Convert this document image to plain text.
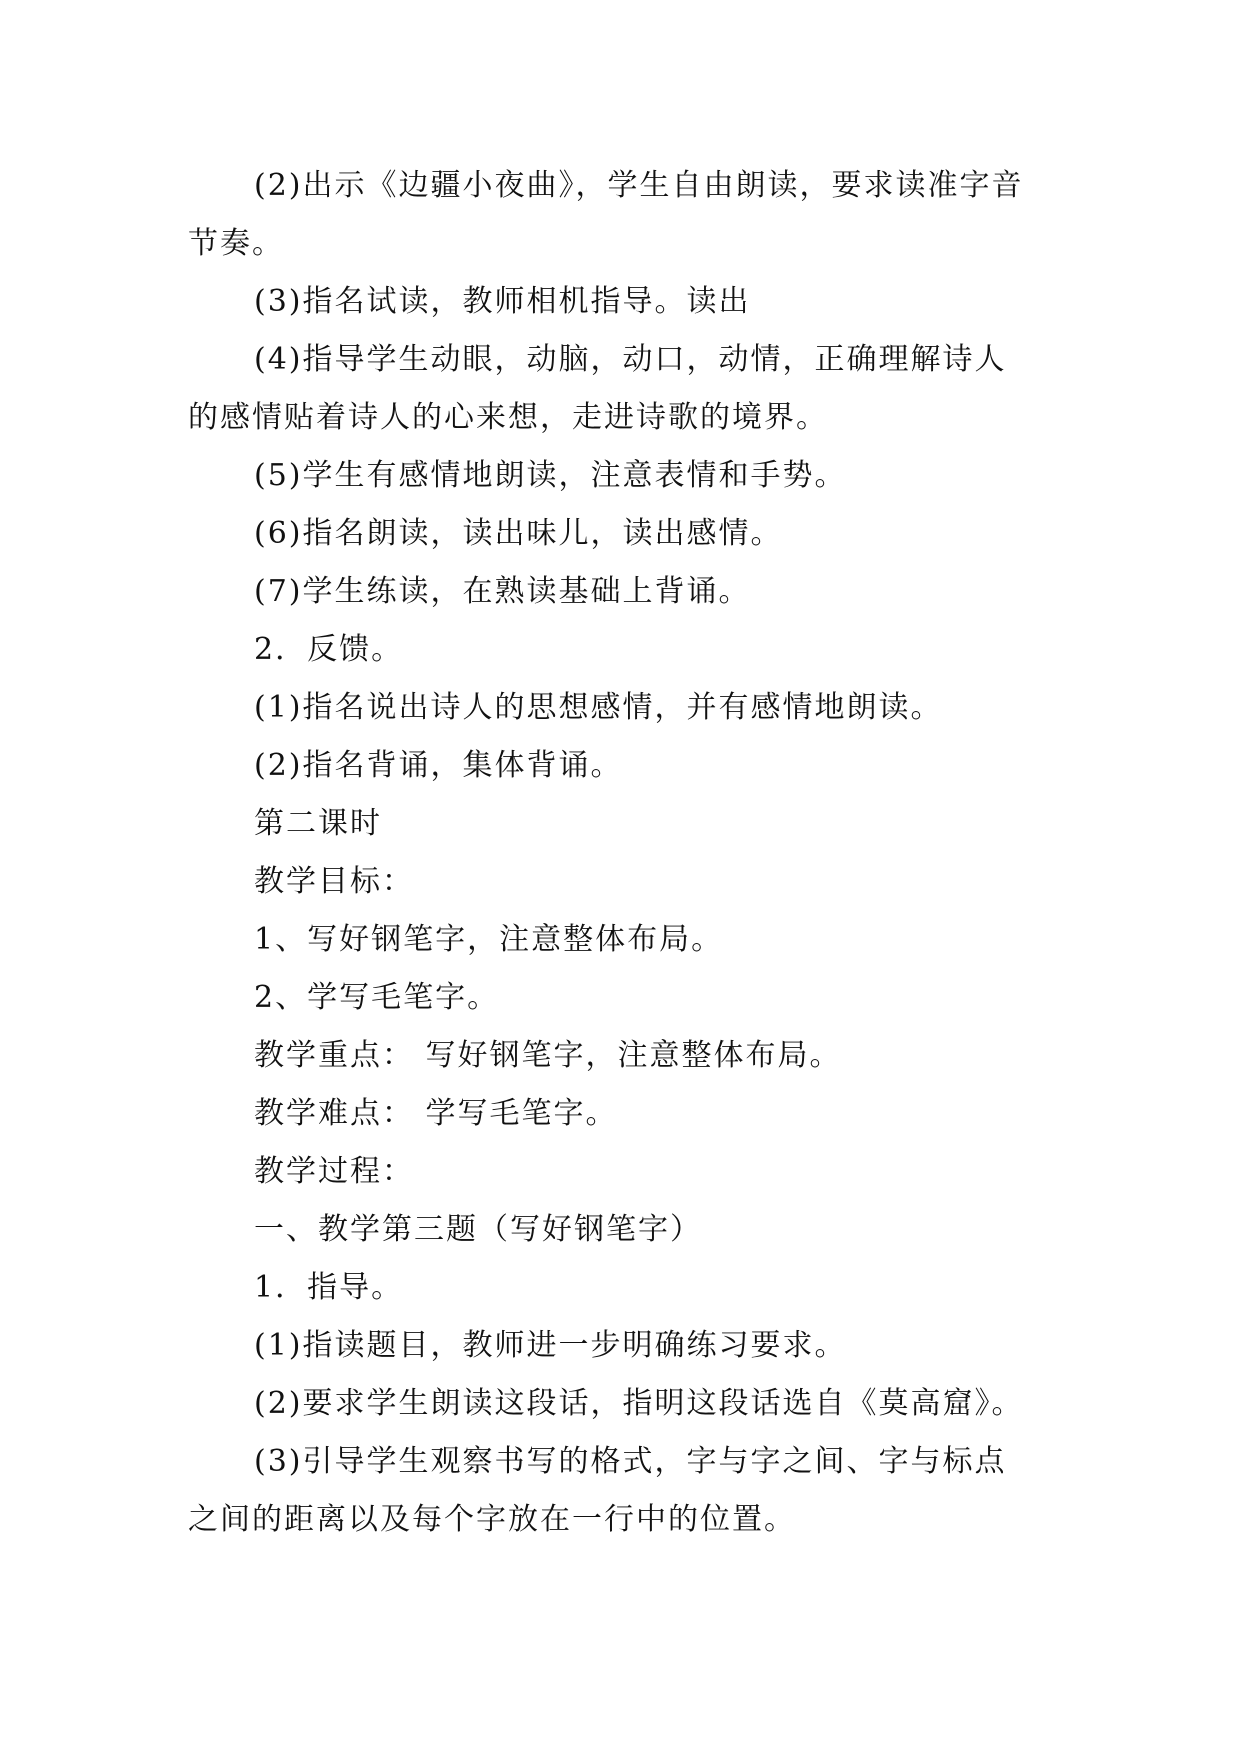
(2)出示《边疆小夜曲》，学生自由朗读，要求读准字音
节奏。
(3)指名试读，教师相机指导。读出
(4)指导学生动眼，动脑，动口，动情，正确理解诗人
的感情贴着诗人的心来想，走进诗歌的境界。
(5)学生有感情地朗读，注意表情和手势。
(6)指名朗读，读出味儿，读出感情。
(7)学生练读，在熟读基础上背诵。
2．反馈。
(1)指名说出诗人的思想感情，并有感情地朗读。
(2)指名背诵，集体背诵。
第二课时
教学目标：
1、写好钢笔字，注意整体布局。
2、学写毛笔字。
教学重点： 写好钢笔字，注意整体布局。
教学难点： 学写毛笔字。
教学过程：
一、教学第三题（写好钢笔字）
1．指导。
(1)指读题目，教师进一步明确练习要求。
(2)要求学生朗读这段话，指明这段话选自《莫高窟》。
(3)引导学生观察书写的格式，字与字之间、字与标点
之间的距离以及每个字放在一行中的位置。
